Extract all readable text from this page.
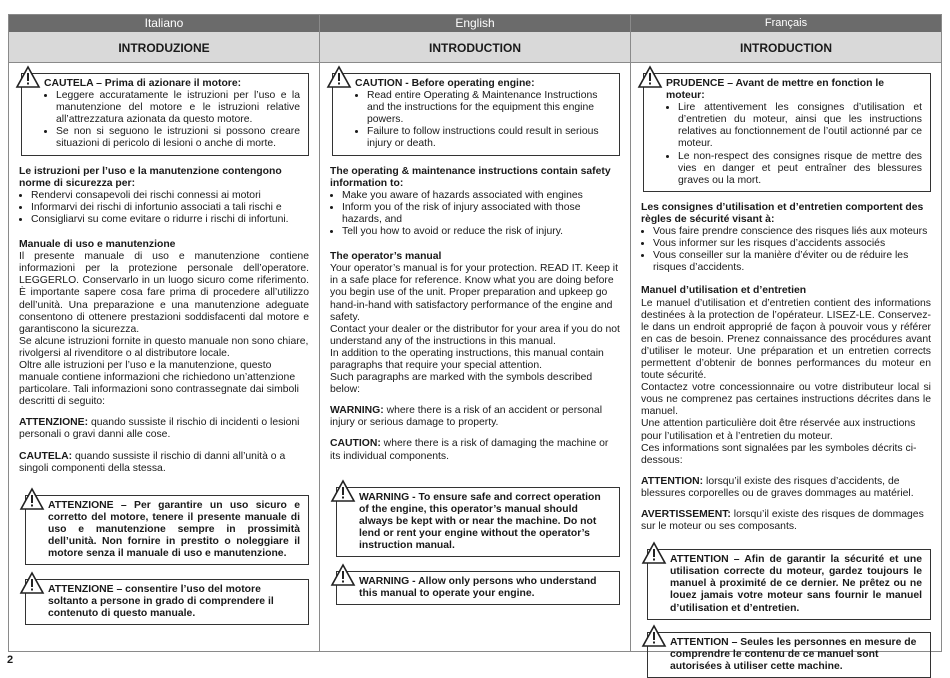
Italiano
INTRODUZIONE
CAUTELA – Prima di azionare il motore:
• Leggere accuratamente le istruzioni per l’uso e la manutenzione del motore e le istruzioni relative all’attrezzatura azionata da questo motore.
• Se non si seguono le istruzioni si possono creare situazioni di pericolo di lesioni o anche di morte.
Le istruzioni per l’uso e la manutenzione contengono norme di sicurezza per:
• Rendervi consapevoli dei rischi connessi ai motori
• Informarvi dei rischi di infortunio associati a tali rischi e
• Consigliarvi su come evitare o ridurre i rischi di infortuni.
Manuale di uso e manutenzione

Il presente manuale di uso e manutenzione contiene informazioni per la protezione personale dell’operatore. LEGGERLO. Conservarlo in un luogo sicuro come riferimento. È importante sapere cosa fare prima di procedere all’utilizzo dell’unità. Una preparazione e una manutenzione adeguate consentono di ottenere prestazioni soddisfacenti dal motore e garantiscono la sicurezza.

Se alcune istruzioni fornite in questo manuale non sono chiare, rivolgersi al rivenditore o al distributore locale.

Oltre alle istruzioni per l’uso e la manutenzione, questo manuale contiene informazioni che richiedono un’attenzione particolare. Tali informazioni sono contrassegnate dai simboli descritti di seguito:

ATTENZIONE: quando sussiste il rischio di incidenti o lesioni personali o gravi danni alle cose.

CAUTELA: quando sussiste il rischio di danni all’unità o a singoli componenti della stessa.

ATTENZIONE – Per garantire un uso sicuro e corretto del motore, tenere il presente manuale di uso e manutenzione sempre in prossimità dell’unità. Non fornire in prestito o noleggiare il motore senza il manuale di uso e manutenzione.
ATTENZIONE – consentire l’uso del motore soltanto a persone in grado di comprendere il contenuto di questo manuale.
English
INTRODUCTION
CAUTION - Before operating engine:
• Read entire Operating & Maintenance Instructions and the instructions for the equipment this engine powers.
• Failure to follow instructions could result in serious injury or death.
The operating & maintenance instructions contain safety information to:
• Make you aware of hazards associated with engines
• Inform you of the risk of injury associated with those hazards, and
• Tell you how to avoid or reduce the risk of injury.
The operator’s manual

Your operator’s manual is for your protection. READ IT. Keep it in a safe place for reference. Know what you are doing before you begin use of the unit. Proper preparation and upkeep go hand-in-hand with satisfactory performance of the engine and safety.

Contact your dealer or the distributor for your area if you do not understand any of the instructions in this manual.

In addition to the operating instructions, this manual contain paragraphs that require your special attention.

Such paragraphs are marked with the symbols described below:

WARNING: where there is a risk of an accident or personal injury or serious damage to property.

CAUTION: where there is a risk of damaging the machine or its individual components.

WARNING - To ensure safe and correct operation of the engine, this operator’s manual should always be kept with or near the machine. Do not lend or rent your engine without the operator’s instruction manual.
WARNING - Allow only persons who understand this manual to operate your engine.
Français
INTRODUCTION
PRUDENCE – Avant de mettre en fonction le moteur:
• Lire attentivement les consignes d’utilisation et d’entretien du moteur, ainsi que les instructions relatives au fonctionnement de l’outil actionné par ce moteur.
• Le non-respect des consignes risque de mettre des vies en danger et peut entraîner des blessures graves ou la mort.
Les consignes d’utilisation et d’entretien comportent des règles de sécurité visant à:
• Vous faire prendre conscience des risques liés aux moteurs
• Vous informer sur les risques d’accidents associés
• Vous conseiller sur la manière d’éviter ou de réduire les risques d’accidents.
Manuel d’utilisation et d’entretien

Le manuel d’utilisation et d’entretien contient des informations destinées à la protection de l’opérateur. LISEZ-LE. Conservez-le dans un endroit approprié de façon à pouvoir vous y référer en cas de besoin. Prenez connaissance des procédures avant d’utiliser le moteur. Une préparation et un entretien corrects permettent d’obtenir de bonnes performances du moteur en toute sécurité.

Contactez votre concessionnaire ou votre distributeur local si vous ne comprenez pas certaines instructions décrites dans le manuel.

Une attention particulière doit être réservée aux instructions pour l’utilisation et à l’entretien du moteur.

Ces informations sont signalées par les symboles décrits ci-dessous:

ATTENTION: lorsqu’il existe des risques d’accidents, de blessures corporelles ou de graves dommages au matériel.

AVERTISSEMENT: lorsqu’il existe des risques de dommages sur le moteur ou ses composants.

ATTENTION – Afin de garantir la sécurité et une utilisation correcte du moteur, gardez toujours le manuel à proximité de ce dernier. Ne prêtez ou ne louez jamais votre moteur sans fournir le manuel d’utilisation et d’entretien.
ATTENTION – Seules les personnes en mesure de comprendre le contenu de ce manuel sont autorisées à utiliser cette machine.
2
